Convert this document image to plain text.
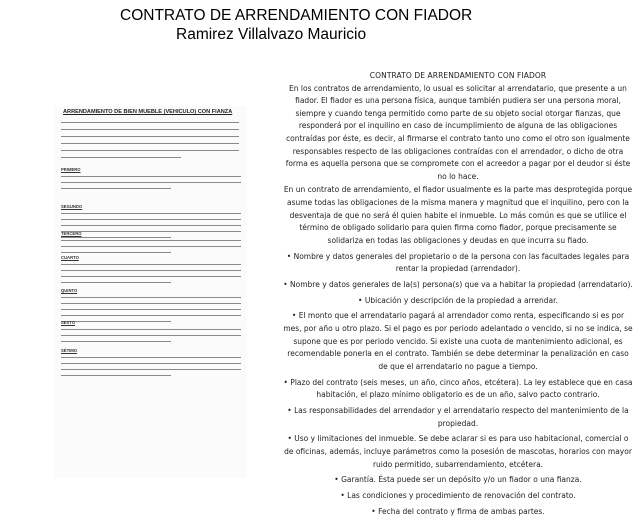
CONTRATO DE ARRENDAMIENTO CON FIADOR
Ramirez Villalvazo Mauricio
ARRENDAMIENTO DE BIEN MUEBLE (VEHICULO) CON FIANZA
PRIMERO
SEGUNDO
TERCERO
CUARTO
QUINTO
SEXTO
SÉTIMO

CONTRATO DE ARRENDAMIENTO CON FIADOR

En los contratos de arrendamiento, lo usual es solicitar al arrendatario, que presente a un fiador. El fiador es una persona física, aunque también pudiera ser una persona moral, siempre y cuando tenga permitido como parte de su objeto social otorgar fianzas, que responderá por el inquilino en caso de incumplimiento de alguna de las obligaciones contraídas por éste, es decir, al firmarse el contrato tanto uno como el otro son igualmente responsables respecto de las obligaciones contraídas con el arrendador, o dicho de otra forma es aquella persona que se compromete con el acreedor a pagar por el deudor si éste no lo hace.

En un contrato de arrendamiento, el fiador usualmente es la parte mas desprotegida porque asume todas las obligaciones de la misma manera y magnitud que el inquilino, pero con la desventaja de que no será él quien habite el inmueble. Lo más común es que se utilice el término de obligado solidario para quien firma como fiador, porque precisamente se solidariza en todas las obligaciones y deudas en que incurra su fiado.

• Nombre y datos generales del propietario o de la persona con las facultades legales para rentar la propiedad (arrendador).

• Nombre y datos generales de la(s) persona(s) que va a habitar la propiedad (arrendatario).

• Ubicación y descripción de la propiedad a arrendar.

• El monto que el arrendatario pagará al arrendador como renta, especificando si es por mes, por año u otro plazo. Si el pago es por periodo adelantado o vencido, si no se indica, se supone que es por periodo vencido. Si existe una cuota de mantenimiento adicional, es recomendable ponerla en el contrato. También se debe determinar la penalización en caso de que el arrendatario no pague a tiempo.

• Plazo del contrato (seis meses, un año, cinco años, etcétera). La ley establece que en casa habitación, el plazo mínimo obligatorio es de un año, salvo pacto contrario.

• Las responsabilidades del arrendador y el arrendatario respecto del mantenimiento de la propiedad.

• Uso y limitaciones del inmueble. Se debe aclarar si es para uso habitacional, comercial o de oficinas, además, incluye parámetros como la posesión de mascotas, horarios con mayor ruido permitido, subarrendamiento, etcétera.

• Garantía. Ésta puede ser un depósito y/o un fiador o una fianza.

• Las condiciones y procedimiento de renovación del contrato.

• Fecha del contrato y firma de ambas partes.
